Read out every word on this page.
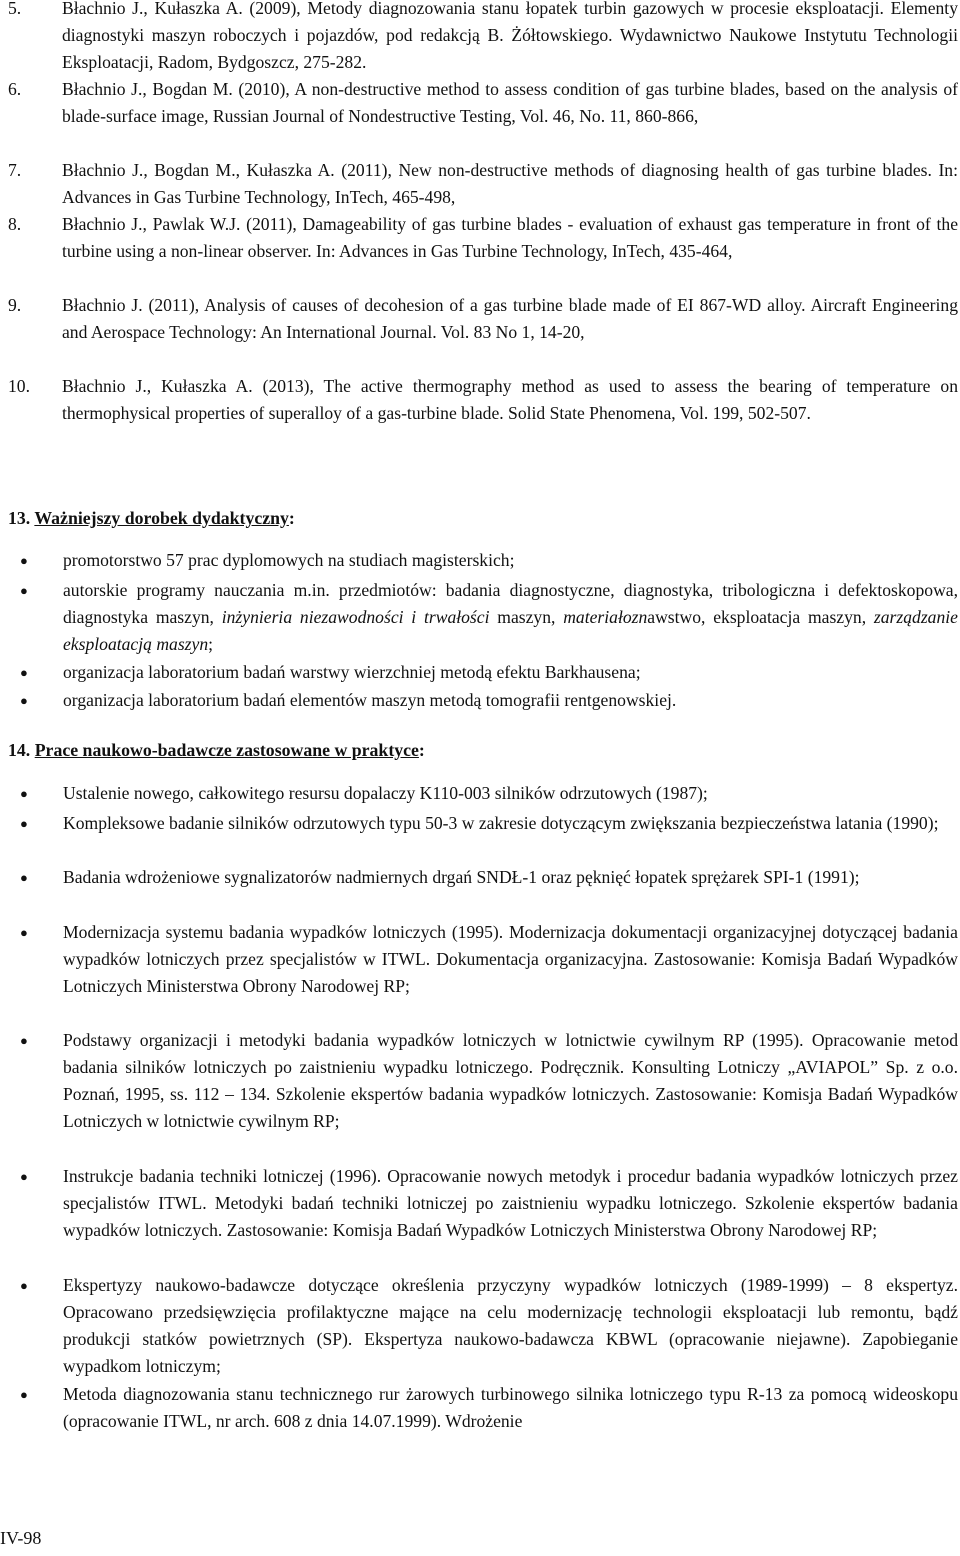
5. Błachnio J., Kułaszka A. (2009), Metody diagnozowania stanu łopatek turbin gazowych w procesie eksploatacji. Elementy diagnostyki maszyn roboczych i pojazdów, pod redakcją B. Żółtowskiego. Wydawnictwo Naukowe Instytutu Technologii Eksploatacji, Radom, Bydgoszcz, 275-282.
6. Błachnio J., Bogdan M. (2010), A non-destructive method to assess condition of gas turbine blades, based on the analysis of blade-surface image, Russian Journal of Nondestructive Testing, Vol. 46, No. 11, 860-866,
7. Błachnio J., Bogdan M., Kułaszka A. (2011), New non-destructive methods of diagnosing health of gas turbine blades. In: Advances in Gas Turbine Technology, InTech, 465-498,
8. Błachnio J., Pawlak W.J. (2011), Damageability of gas turbine blades - evaluation of exhaust gas temperature in front of the turbine using a non-linear observer. In: Advances in Gas Turbine Technology, InTech, 435-464,
9. Błachnio J. (2011), Analysis of causes of decohesion of a gas turbine blade made of EI 867-WD alloy. Aircraft Engineering and Aerospace Technology: An International Journal. Vol. 83 No 1, 14-20,
10. Błachnio J., Kułaszka A. (2013), The active thermography method as used to assess the bearing of temperature on thermophysical properties of superalloy of a gas-turbine blade. Solid State Phenomena, Vol. 199, 502-507.
13. Ważniejszy dorobek dydaktyczny:
● promotorstwo 57 prac dyplomowych na studiach magisterskich;
● autorskie programy nauczania m.in. przedmiotów: badania diagnostyczne, diagnostyka, tribologiczna i defektoskopowa, diagnostyka maszyn, inżynieria niezawodności i trwałości maszyn, materiałoznawstwo, eksploatacja maszyn, zarządzanie eksploatacją maszyn;
● organizacja laboratorium badań warstwy wierzchniej metodą efektu Barkhausena;
● organizacja laboratorium badań elementów maszyn metodą tomografii rentgenowskiej.
14. Prace naukowo-badawcze zastosowane w praktyce:
● Ustalenie nowego, całkowitego resursu dopalaczy K110-003 silników odrzutowych (1987);
● Kompleksowe badanie silników odrzutowych typu 50-3 w zakresie dotyczącym zwiększania bezpieczeństwa latania (1990);
● Badania wdrożeniowe sygnalizatorów nadmiernych drgań SNDŁ-1 oraz pęknięć łopatek sprężarek SPI-1 (1991);
● Modernizacja systemu badania wypadków lotniczych (1995). Modernizacja dokumentacji organizacyjnej dotyczącej badania wypadków lotniczych przez specjalistów w ITWL. Dokumentacja organizacyjna. Zastosowanie: Komisja Badań Wypadków Lotniczych Ministerstwa Obrony Narodowej RP;
● Podstawy organizacji i metodyki badania wypadków lotniczych w lotnictwie cywilnym RP (1995). Opracowanie metod badania silników lotniczych po zaistnieniu wypadku lotniczego. Podręcznik. Konsulting Lotniczy „AVIAPOL” Sp. z o.o. Poznań, 1995, ss. 112 – 134. Szkolenie ekspertów badania wypadków lotniczych. Zastosowanie: Komisja Badań Wypadków Lotniczych w lotnictwie cywilnym RP;
● Instrukcje badania techniki lotniczej (1996). Opracowanie nowych metodyk i procedur badania wypadków lotniczych przez specjalistów ITWL. Metodyki badań techniki lotniczej po zaistnieniu wypadku lotniczego. Szkolenie ekspertów badania wypadków lotniczych. Zastosowanie: Komisja Badań Wypadków Lotniczych Ministerstwa Obrony Narodowej RP;
● Ekspertyzy naukowo-badawcze dotyczące określenia przyczyny wypadków lotniczych (1989-1999) – 8 ekspertyz. Opracowano przedsięwzięcia profilaktyczne mające na celu modernizację technologii eksploatacji lub remontu, bądź produkcji statków powietrznych (SP). Ekspertyza naukowo-badawcza KBWL (opracowanie niejawne). Zapobieganie wypadkom lotniczym;
● Metoda diagnozowania stanu technicznego rur żarowych turbinowego silnika lotniczego typu R-13 za pomocą wideoskopu (opracowanie ITWL, nr arch. 608 z dnia 14.07.1999). Wdrożenie
IV-98
